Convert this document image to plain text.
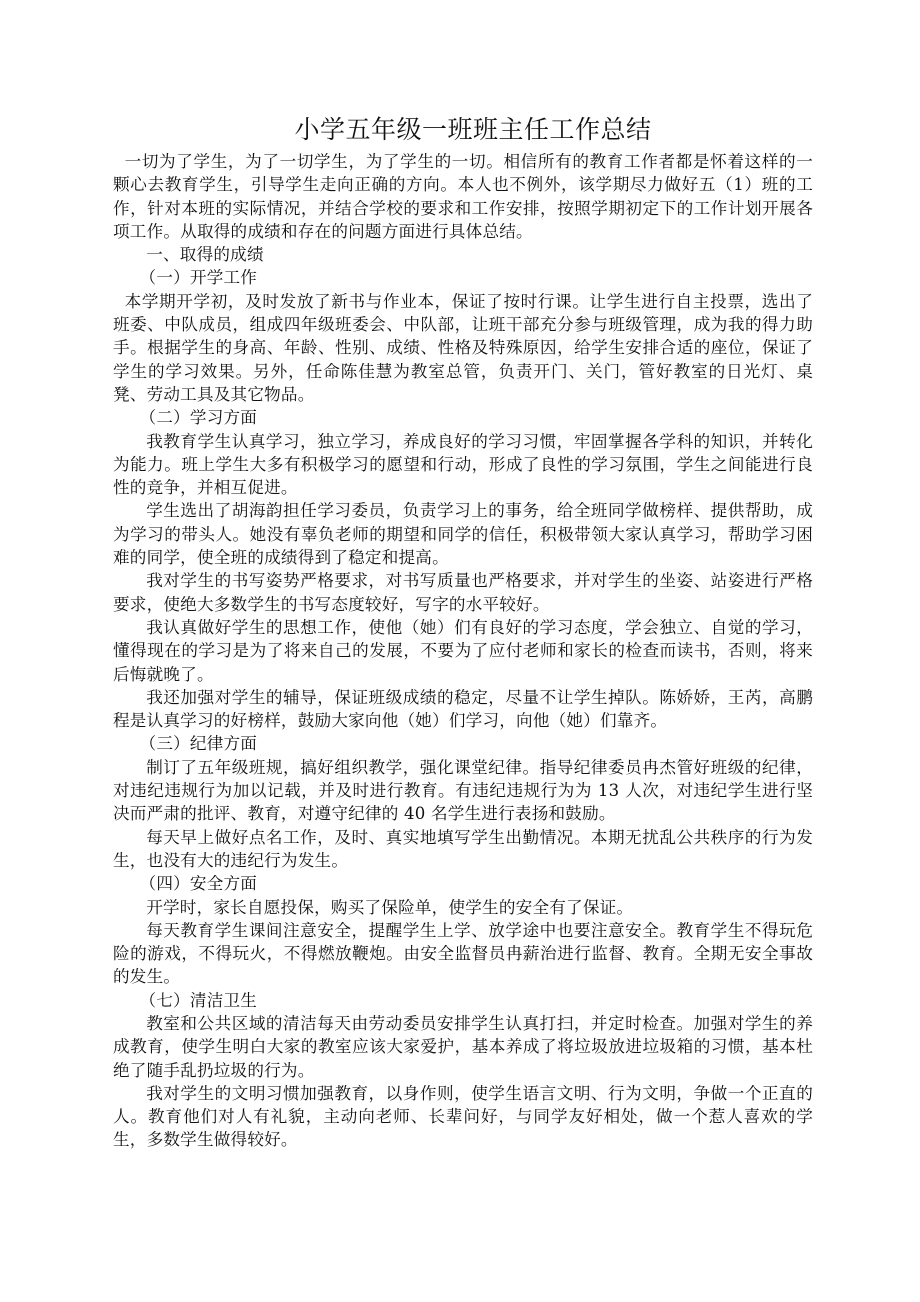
小学五年级一班班主任工作总结

一切为了学生，为了一切学生，为了学生的一切。相信所有的教育工作者都是怀着这样的一颗心去教育学生，引导学生走向正确的方向。本人也不例外，该学期尽力做好五（1）班的工作，针对本班的实际情况，并结合学校的要求和工作安排，按照学期初定下的工作计划开展各项工作。从取得的成绩和存在的问题方面进行具体总结。

一、取得的成绩

（一）开学工作

本学期开学初，及时发放了新书与作业本，保证了按时行课。让学生进行自主投票，选出了班委、中队成员，组成四年级班委会、中队部，让班干部充分参与班级管理，成为我的得力助手。根据学生的身高、年龄、性别、成绩、性格及特殊原因，给学生安排合适的座位，保证了学生的学习效果。另外，任命陈佳慧为教室总管，负责开门、关门，管好教室的日光灯、桌凳、劳动工具及其它物品。

（二）学习方面

我教育学生认真学习，独立学习，养成良好的学习习惯，牢固掌握各学科的知识，并转化为能力。班上学生大多有积极学习的愿望和行动，形成了良性的学习氛围，学生之间能进行良性的竞争，并相互促进。

学生选出了胡海韵担任学习委员，负责学习上的事务，给全班同学做榜样、提供帮助，成为学习的带头人。她没有辜负老师的期望和同学的信任，积极带领大家认真学习，帮助学习困难的同学，使全班的成绩得到了稳定和提高。

我对学生的书写姿势严格要求，对书写质量也严格要求，并对学生的坐姿、站姿进行严格要求，使绝大多数学生的书写态度较好，写字的水平较好。

我认真做好学生的思想工作，使他（她）们有良好的学习态度，学会独立、自觉的学习，懂得现在的学习是为了将来自己的发展，不要为了应付老师和家长的检查而读书，否则，将来后悔就晚了。

我还加强对学生的辅导，保证班级成绩的稳定，尽量不让学生掉队。陈娇娇，王芮，高鹏程是认真学习的好榜样，鼓励大家向他（她）们学习，向他（她）们靠齐。

（三）纪律方面

制订了五年级班规，搞好组织教学，强化课堂纪律。指导纪律委员冉杰管好班级的纪律，对违纪违规行为加以记载，并及时进行教育。有违纪违规行为为 13 人次，对违纪学生进行坚决而严肃的批评、教育，对遵守纪律的 40 名学生进行表扬和鼓励。

每天早上做好点名工作，及时、真实地填写学生出勤情况。本期无扰乱公共秩序的行为发生，也没有大的违纪行为发生。

（四）安全方面

开学时，家长自愿投保，购买了保险单，使学生的安全有了保证。

每天教育学生课间注意安全，提醒学生上学、放学途中也要注意安全。教育学生不得玩危险的游戏，不得玩火，不得燃放鞭炮。由安全监督员冉薪治进行监督、教育。全期无安全事故的发生。

（七）清洁卫生

教室和公共区域的清洁每天由劳动委员安排学生认真打扫，并定时检查。加强对学生的养成教育，使学生明白大家的教室应该大家爱护，基本养成了将垃圾放进垃圾箱的习惯，基本杜绝了随手乱扔垃圾的行为。

我对学生的文明习惯加强教育，以身作则，使学生语言文明、行为文明，争做一个正直的人。教育他们对人有礼貌，主动向老师、长辈问好，与同学友好相处，做一个惹人喜欢的学生，多数学生做得较好。
